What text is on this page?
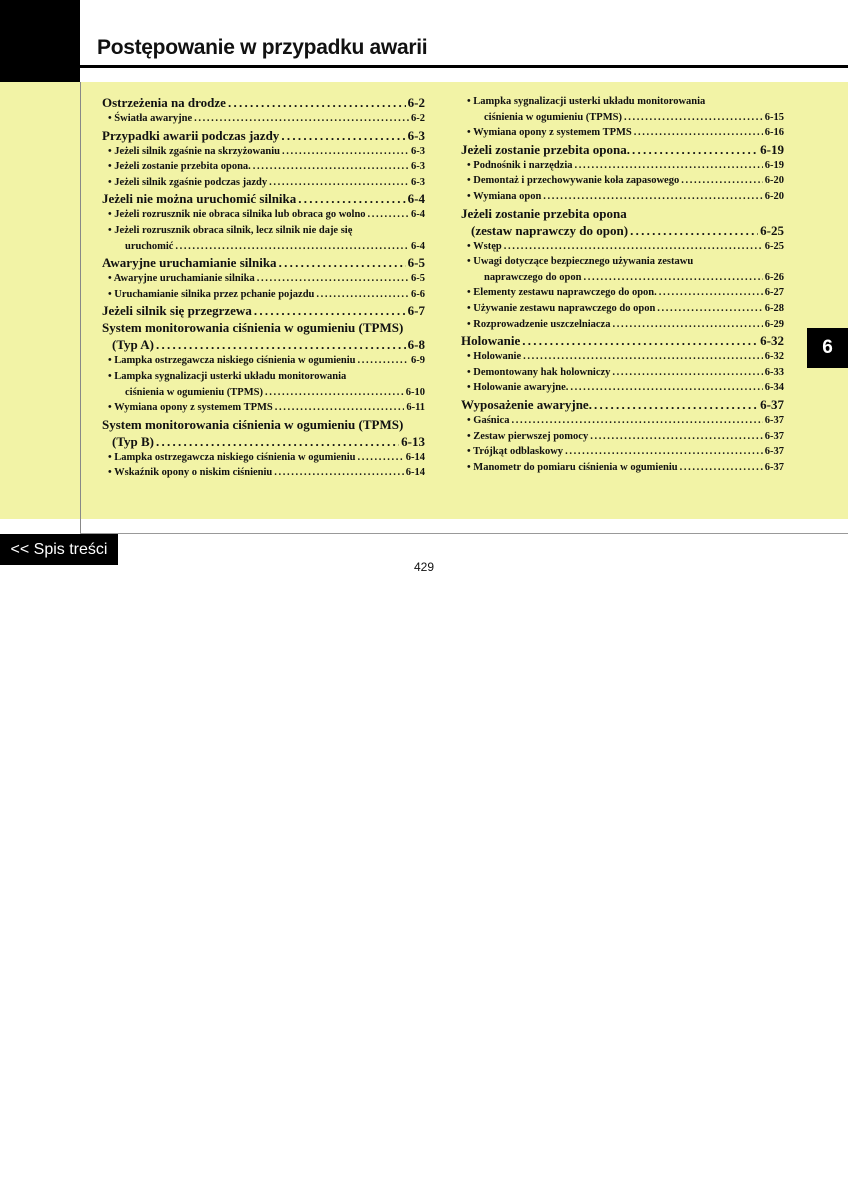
Postępowanie w przypadku awarii
Ostrzeżenia na drodze . . .	6-2
• Światła awaryjne . . .	6-2
Przypadki awarii podczas jazdy . . .	6-3
• Jeżeli silnik zgaśnie na skrzyżowaniu . . .	6-3
• Jeżeli zostanie przebita opona. . . .	6-3
• Jeżeli silnik zgaśnie podczas jazdy . . .	6-3
Jeżeli nie można uruchomić silnika . . .	6-4
• Jeżeli rozrusznik nie obraca silnika lub obraca go wolno . . .	6-4
• Jeżeli rozrusznik obraca silnik, lecz silnik nie daje się
uruchomić . . .	6-4
Awaryjne uruchamianie silnika . . .	6-5
• Awaryjne uruchamianie silnika . . .	6-5
• Uruchamianie silnika przez pchanie pojazdu . . .	6-6
Jeżeli silnik się przegrzewa . . .	6-7
System monitorowania ciśnienia w ogumieniu (TPMS)
(Typ A) . . .	6-8
• Lampka ostrzegawcza niskiego ciśnienia w ogumieniu . . .	6-9
• Lampka sygnalizacji usterki układu monitorowania
ciśnienia w ogumieniu (TPMS) . . .	6-10
• Wymiana opony z systemem TPMS . . .	6-11
System monitorowania ciśnienia w ogumieniu (TPMS)
(Typ B) . . .	6-13
• Lampka ostrzegawcza niskiego ciśnienia w ogumieniu . . .	6-14
• Wskaźnik opony o niskim ciśnieniu . . .	6-14
• Lampka sygnalizacji usterki układu monitorowania
ciśnienia w ogumieniu (TPMS) . . .	6-15
• Wymiana opony z systemem TPMS . . .	6-16
Jeżeli zostanie przebita opona. . . .	6-19
• Podnośnik i narzędzia . . .	6-19
• Demontaż i przechowywanie koła zapasowego . . .	6-20
• Wymiana opon . . .	6-20
Jeżeli zostanie przebita opona
(zestaw naprawczy do opon) . . .	6-25
• Wstęp . . .	6-25
• Uwagi dotyczące bezpiecznego używania zestawu
naprawczego do opon . . .	6-26
• Elementy zestawu naprawczego do opon. . . .	6-27
• Używanie zestawu naprawczego do opon . . .	6-28
• Rozprowadzenie uszczelniacza . . .	6-29
Holowanie . . .	6-32
• Holowanie . . .	6-32
• Demontowany hak holowniczy . . .	6-33
• Holowanie awaryjne. . . .	6-34
Wyposażenie awaryjne. . . .	6-37
• Gaśnica . . .	6-37
• Zestaw pierwszej pomocy . . .	6-37
• Trójkąt odblaskowy . . .	6-37
• Manometr do pomiaru ciśnienia w ogumieniu . . .	6-37
6
<< Spis treści
429
